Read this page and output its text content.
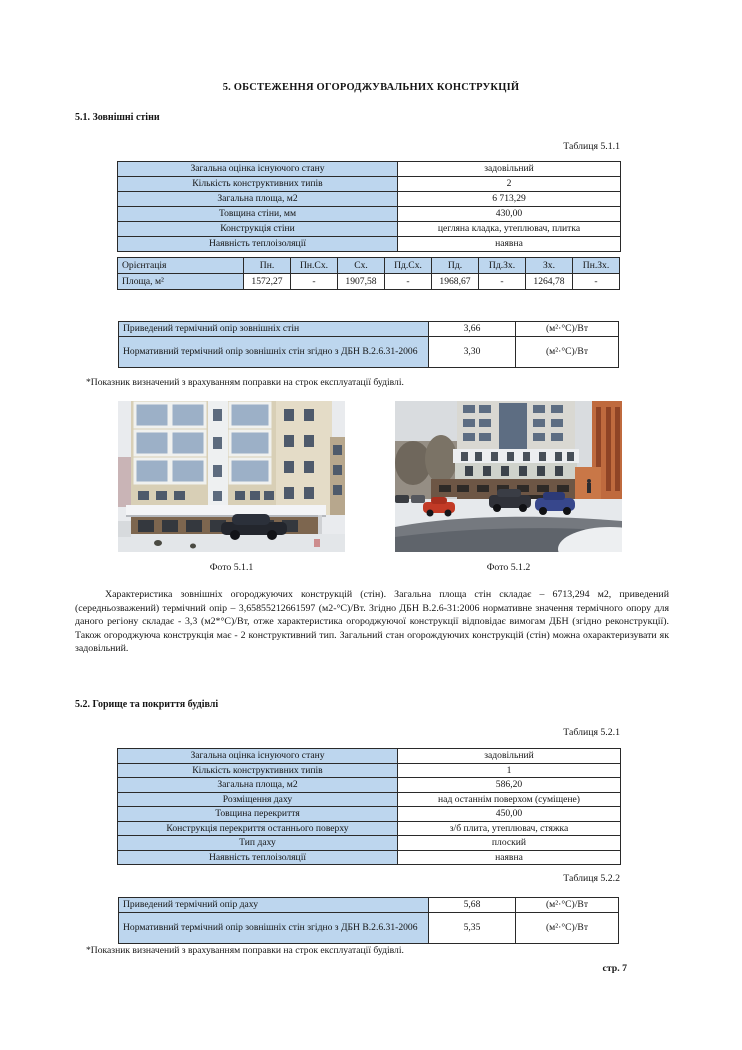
5. ОБСТЕЖЕННЯ ОГОРОДЖУВАЛЬНИХ КОНСТРУКЦІЙ
5.1. Зовнішні стіни
Таблиця 5.1.1
Загальна оцінка існуючого стану	задовільний
Кількість конструктивних типів	2
Загальна площа, м2	6 713,29
Товщина стіни, мм	430,00
Конструкція стіни	цегляна кладка, утеплювач, плитка
Наявність теплоізоляції	наявна
Орієнтація	Пн.	Пн.Сх.	Сх.	Пд.Сх.	Пд.	Пд.Зх.	Зх.	Пн.Зх.
Площа, м²	1572,27	-	1907,58	-	1968,67	-	1264,78	-
Приведений термічний опір зовнішніх стін	3,66	(м²·°С)/Вт
Нормативний термічний опір зовнішніх стін згідно з ДБН В.2.6.31-2006	3,30	(м²·°С)/Вт
*Показник визначений з врахуванням поправки на строк експлуатації будівлі.
Фото 5.1.1	Фото 5.1.2
Характеристика зовнішніх огороджуючих конструкцій (стін). Загальна площа стін складає – 6713,294 м2, приведений (середньозважений) термічний опір – 3,65855212661597 (м2-°С)/Вт. Згідно ДБН В.2.6-31:2006 нормативне значення термічного опору для даного регіону складає - 3,3 (м2*°С)/Вт, отже характеристика огороджуючої конструкції відповідає вимогам ДБН (згідно реконструкції). Також огороджуюча конструкція має - 2 конструктивний тип. Загальний стан огорождуючих конструкцій (стін) можна охарактеризувати як задовільний.
5.2. Горище та покриття будівлі
Таблиця 5.2.1
Загальна оцінка існуючого стану	задовільний
Кількість конструктивних типів	1
Загальна площа, м2	586,20
Розміщення даху	над останнім поверхом (суміщене)
Товщина перекриття	450,00
Конструкція перекриття останнього поверху	з/б плита, утеплювач, стяжка
Тип даху	плоский
Наявність теплоізоляції	наявна
Таблиця 5.2.2
Приведений термічний опір даху	5,68	(м²·°С)/Вт
Нормативний термічний опір зовнішніх стін згідно з ДБН В.2.6.31-2006	5,35	(м²·°С)/Вт
*Показник визначений з врахуванням поправки на строк експлуатації будівлі.
стр. 7
